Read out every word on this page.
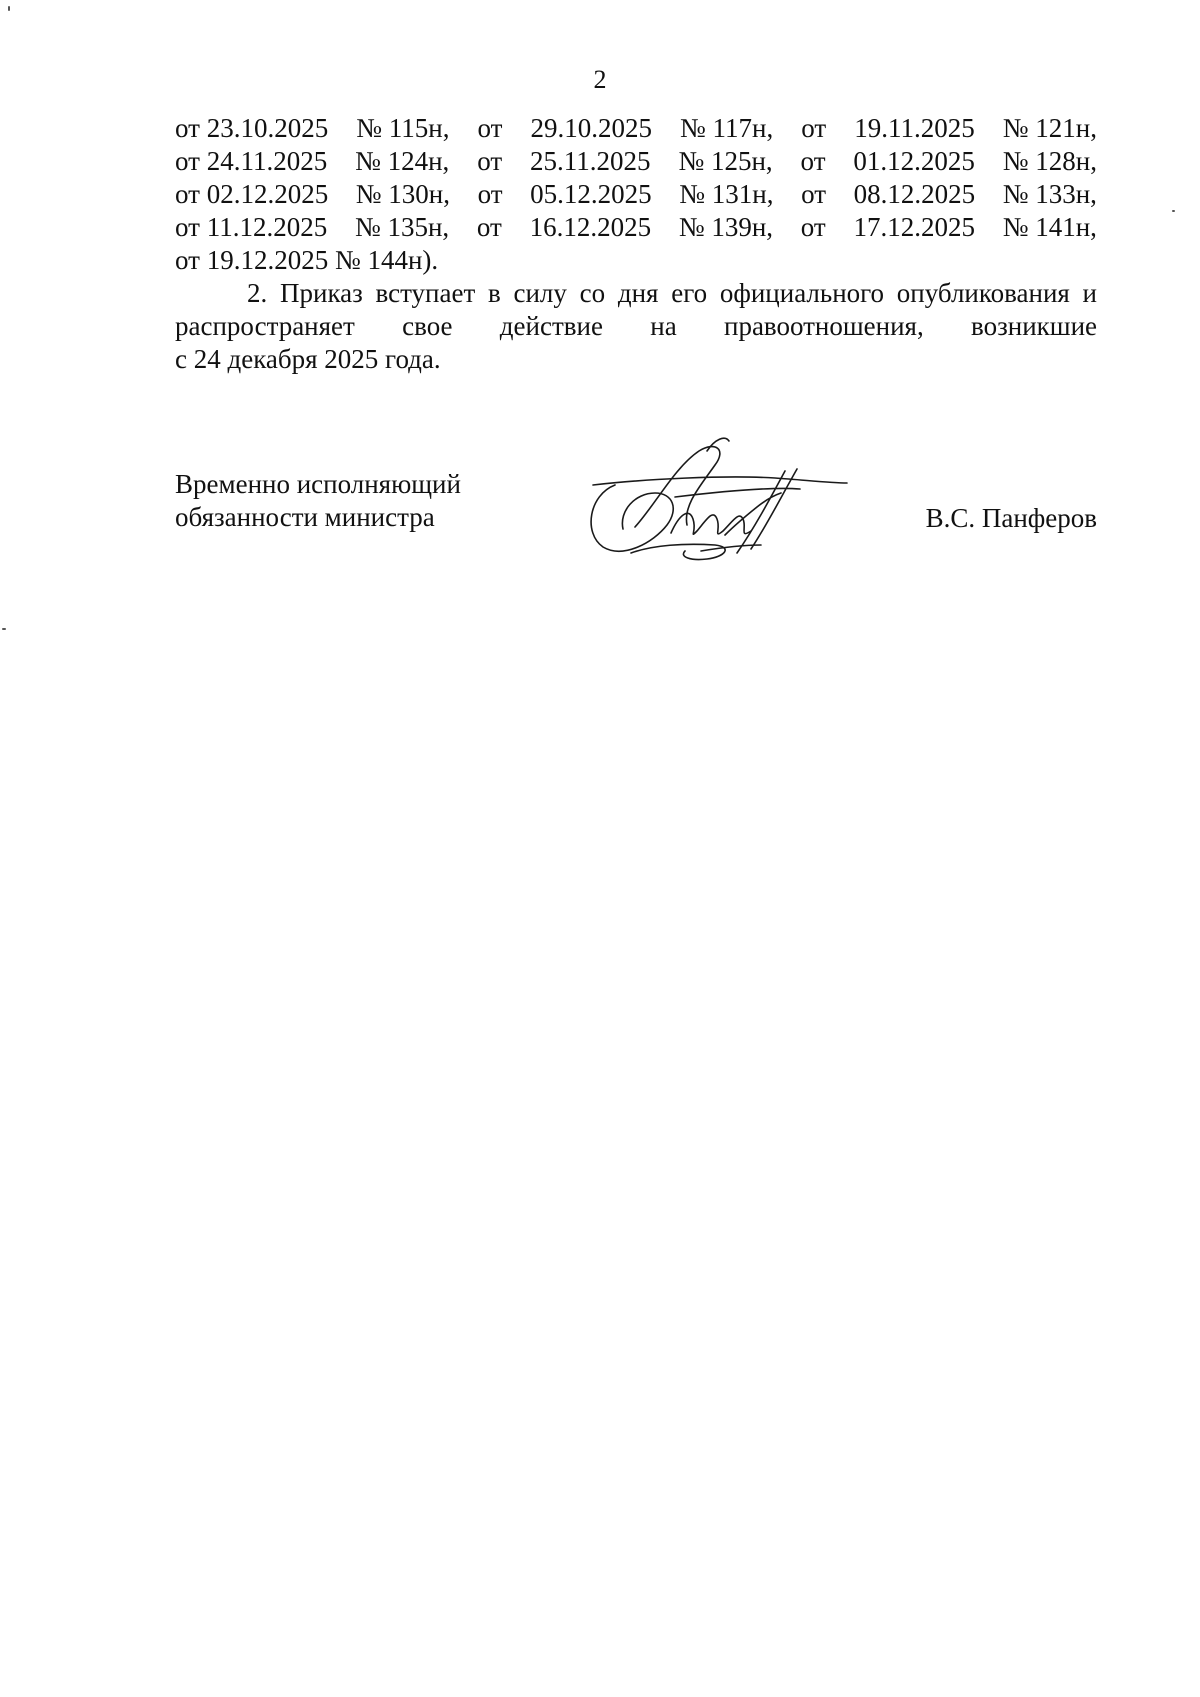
2
от 23.10.2025 № 115н, от 29.10.2025 № 117н, от 19.11.2025 № 121н,
от 24.11.2025 № 124н, от 25.11.2025 № 125н, от 01.12.2025 № 128н,
от 02.12.2025 № 130н, от 05.12.2025 № 131н, от 08.12.2025 № 133н,
от 11.12.2025 № 135н, от 16.12.2025 № 139н, от 17.12.2025 № 141н,
от 19.12.2025 № 144н).

2. Приказ вступает в силу со дня его официального опубликования и распространяет свое действие на правоотношения, возникшие

с 24 декабря 2025 года.

Временно исполняющий
обязанности министра	В.С. Панферов
